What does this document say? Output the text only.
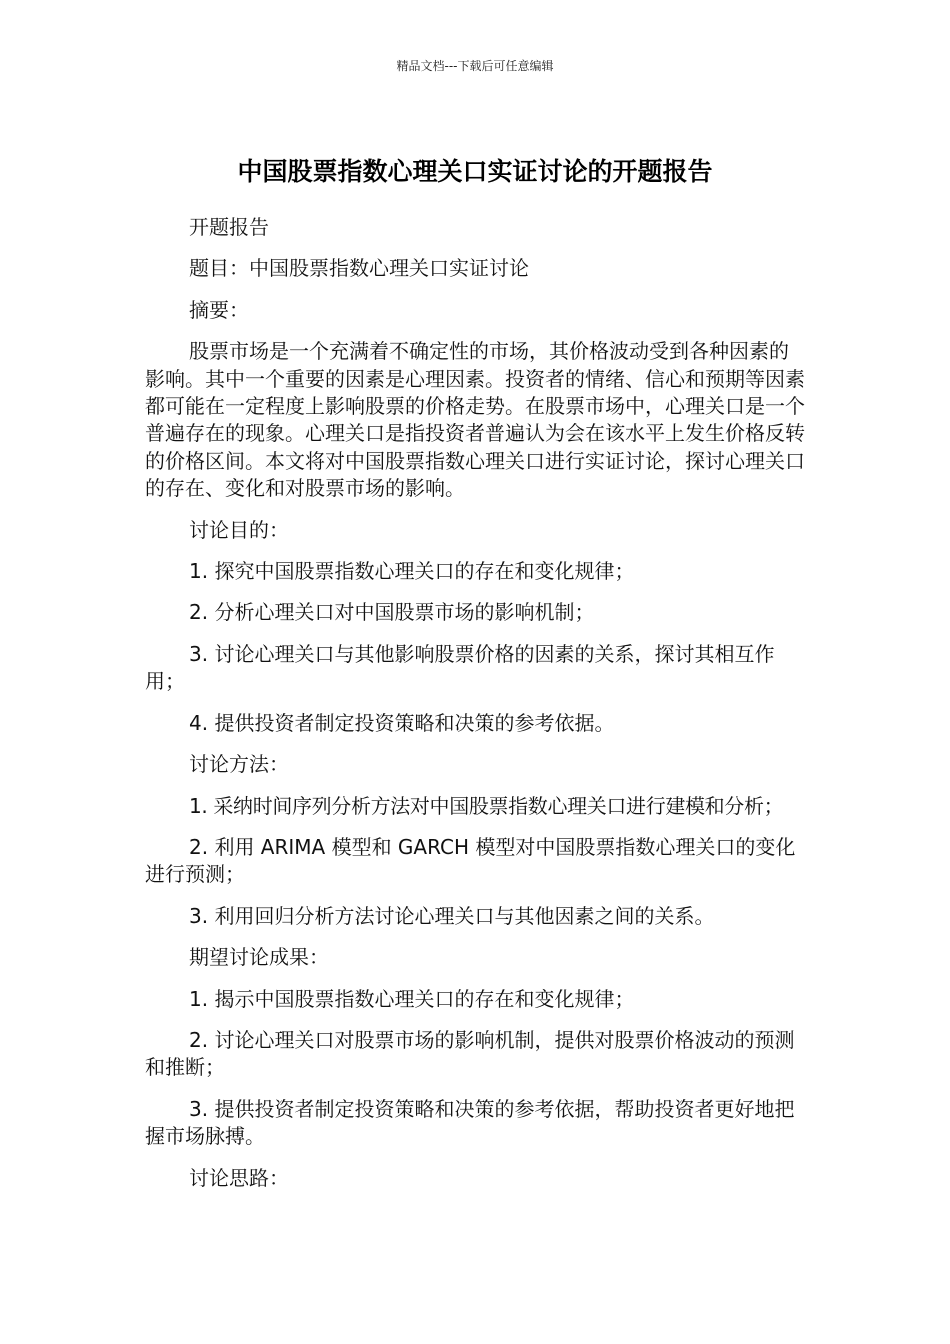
精品文档---下载后可任意编辑
中国股票指数心理关口实证讨论的开题报告

开题报告

题目：中国股票指数心理关口实证讨论

摘要：

股票市场是一个充满着不确定性的市场，其价格波动受到各种因素的影响。其中一个重要的因素是心理因素。投资者的情绪、信心和预期等因素都可能在一定程度上影响股票的价格走势。在股票市场中，心理关口是一个普遍存在的现象。心理关口是指投资者普遍认为会在该水平上发生价格反转的价格区间。本文将对中国股票指数心理关口进行实证讨论，探讨心理关口的存在、变化和对股票市场的影响。

讨论目的：

1. 探究中国股票指数心理关口的存在和变化规律；

2. 分析心理关口对中国股票市场的影响机制；

3. 讨论心理关口与其他影响股票价格的因素的关系，探讨其相互作用；

4. 提供投资者制定投资策略和决策的参考依据。

讨论方法：

1. 采纳时间序列分析方法对中国股票指数心理关口进行建模和分析；

2. 利用 ARIMA 模型和 GARCH 模型对中国股票指数心理关口的变化进行预测；

3. 利用回归分析方法讨论心理关口与其他因素之间的关系。

期望讨论成果：

1. 揭示中国股票指数心理关口的存在和变化规律；

2. 讨论心理关口对股票市场的影响机制，提供对股票价格波动的预测和推断；

3. 提供投资者制定投资策略和决策的参考依据，帮助投资者更好地把握市场脉搏。

讨论思路：
